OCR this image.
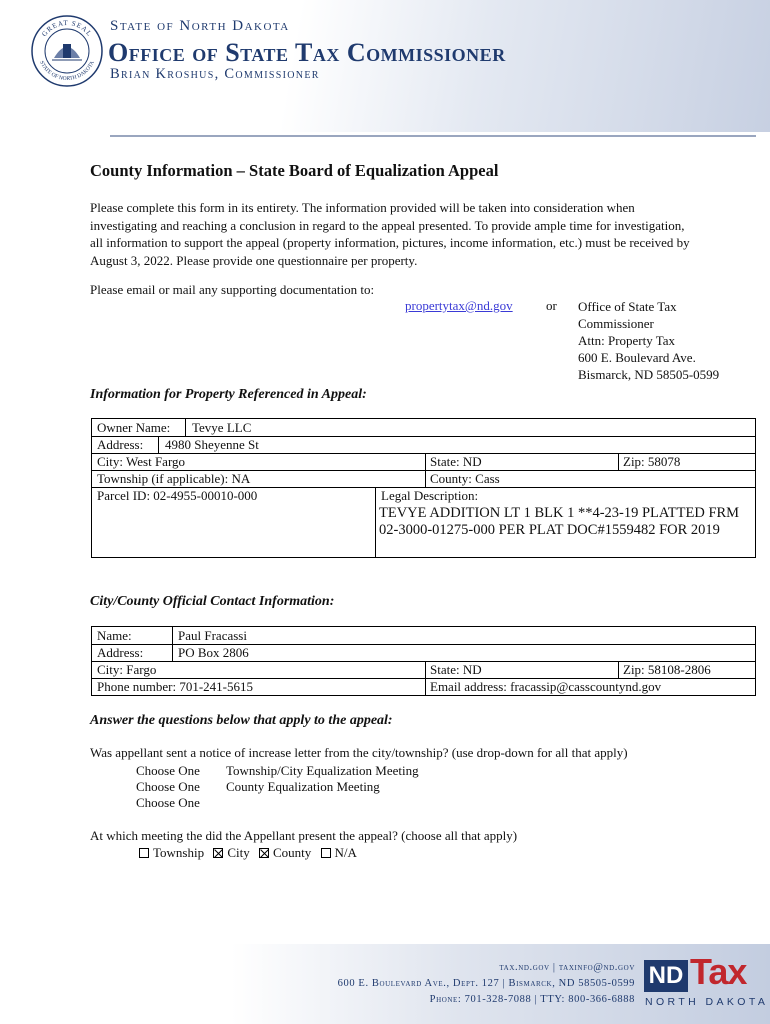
GREAT SEAL
STATE OF NORTH DAKOTA
State of North Dakota
Office of State Tax Commissioner
Brian Kroshus, Commissioner
County Information – State Board of Equalization Appeal
Please complete this form in its entirety. The information provided will be taken into consideration when investigating and reaching a conclusion in regard to the appeal presented. To provide ample time for investigation, all information to support the appeal (property information, pictures, income information, etc.) must be received by August 3, 2022. Please provide one questionnaire per property.
Please email or mail any supporting documentation to:
propertytax@nd.gov	or Office of State Tax
Commissioner
Attn: Property Tax
600 E. Boulevard Ave.
Bismarck, ND 58505-0599
Information for Property Referenced in Appeal:
Owner Name: Tevye LLC
Address: 4980 Sheyenne St
City: West Fargo	State: ND	Zip: 58078
Township (if applicable): NA	County: Cass
Parcel ID: 02-4955-00010-000	Legal Description:
TEVYE ADDITION LT 1 BLK 1 **4-23-19 PLATTED FRM 02-3000-01275-000 PER PLAT DOC#1559482 FOR 2019
City/County Official Contact Information:
Name:	Paul Fracassi
Address:	PO Box 2806
City: Fargo	State: ND	Zip: 58108-2806
Phone number: 701-241-5615	Email address: fracassip@casscountynd.gov
Answer the questions below that apply to the appeal:
Was appellant sent a notice of increase letter from the city/township? (use drop-down for all that apply)
Choose One Township/City Equalization Meeting
Choose One County Equalization Meeting
Choose One
At which meeting the did the Appellant present the appeal? (choose all that apply)
Township City County N/A
tax.nd.gov | taxinfo@nd.gov
600 E. Boulevard Ave., Dept. 127 | Bismarck, ND 58505-0599
Phone: 701-328-7088 | TTY: 800-366-6888
ND Tax
NORTH DAKOTA
